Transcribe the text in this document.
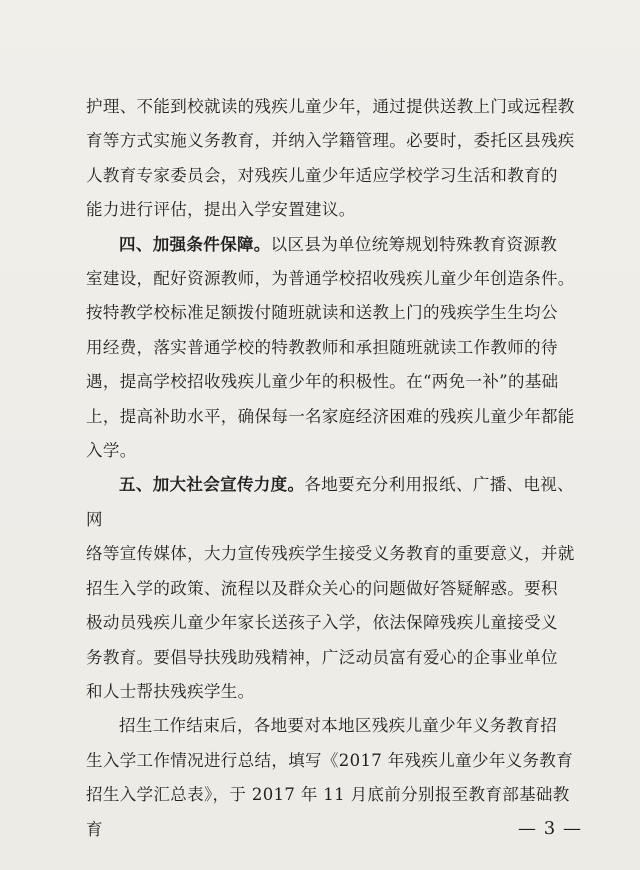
护理、不能到校就读的残疾儿童少年，通过提供送教上门或远程教
育等方式实施义务教育，并纳入学籍管理。必要时，委托区县残疾
人教育专家委员会，对残疾儿童少年适应学校学习生活和教育的
能力进行评估，提出入学安置建议。
四、加强条件保障。以区县为单位统筹规划特殊教育资源教
室建设，配好资源教师，为普通学校招收残疾儿童少年创造条件。
按特教学校标准足额拨付随班就读和送教上门的残疾学生生均公
用经费，落实普通学校的特教教师和承担随班就读工作教师的待
遇，提高学校招收残疾儿童少年的积极性。在“两免一补”的基础
上，提高补助水平，确保每一名家庭经济困难的残疾儿童少年都能
入学。
五、加大社会宣传力度。各地要充分利用报纸、广播、电视、网
络等宣传媒体，大力宣传残疾学生接受义务教育的重要意义，并就
招生入学的政策、流程以及群众关心的问题做好答疑解惑。要积
极动员残疾儿童少年家长送孩子入学，依法保障残疾儿童接受义
务教育。要倡导扶残助残精神，广泛动员富有爱心的企事业单位
和人士帮扶残疾学生。
招生工作结束后，各地要对本地区残疾儿童少年义务教育招
生入学工作情况进行总结，填写《2017 年残疾儿童少年义务教育
招生入学汇总表》，于 2017 年 11 月底前分别报至教育部基础教育	— 3 —
